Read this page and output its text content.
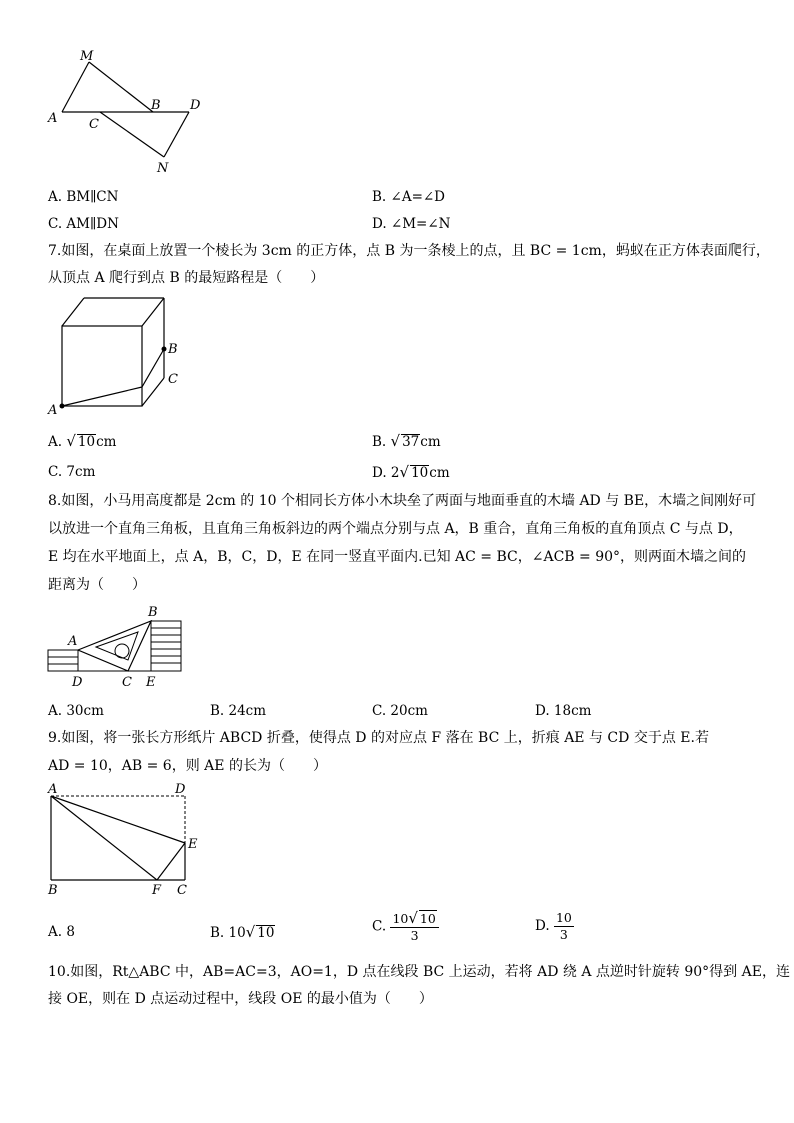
M
A
B
C
D
N
A. BM∥CN	B. ∠A=∠D
C. AM∥DN	D. ∠M=∠N
7.如图，在桌面上放置一个棱长为 3cm 的正方体，点 B 为一条棱上的点，且 BC = 1cm，蚂蚁在正方体表面爬行，
从顶点 A 爬行到点 B 的最短路程是（　　）
A
B
C
A. √ 10cm	B. √ 37cm
C. 7cm	D. 2√ 10cm
8.如图，小马用高度都是 2cm 的 10 个相同长方体小木块垒了两面与地面垂直的木墙 AD 与 BE，木墙之间刚好可
以放进一个直角三角板，且直角三角板斜边的两个端点分别与点 A，B 重合，直角三角板的直角顶点 C 与点 D，
E 均在水平地面上，点 A，B，C，D，E 在同一竖直平面内.已知 AC = BC，∠ACB = 90°，则两面木墙之间的
距离为（　　）
A
B
C
D	E
A. 30cm	B. 24cm	C. 20cm	D. 18cm
9.如图，将一张长方形纸片 ABCD 折叠，使得点 D 的对应点 F 落在 BC 上，折痕 AE 与 CD 交于点 E.若
AD = 10，AB = 6，则 AE 的长为（　　）
A	D
E
B	F C
A. 8	B. 10√ 10	C. $\frac{10√ 10}{3}$	D. $\frac{10}{3}$
10.如图，Rt△ABC 中，AB=AC=3，AO=1，D 点在线段 BC 上运动，若将 AD 绕 A 点逆时针旋转 90°得到 AE，连
接 OE，则在 D 点运动过程中，线段 OE 的最小值为（　　）
